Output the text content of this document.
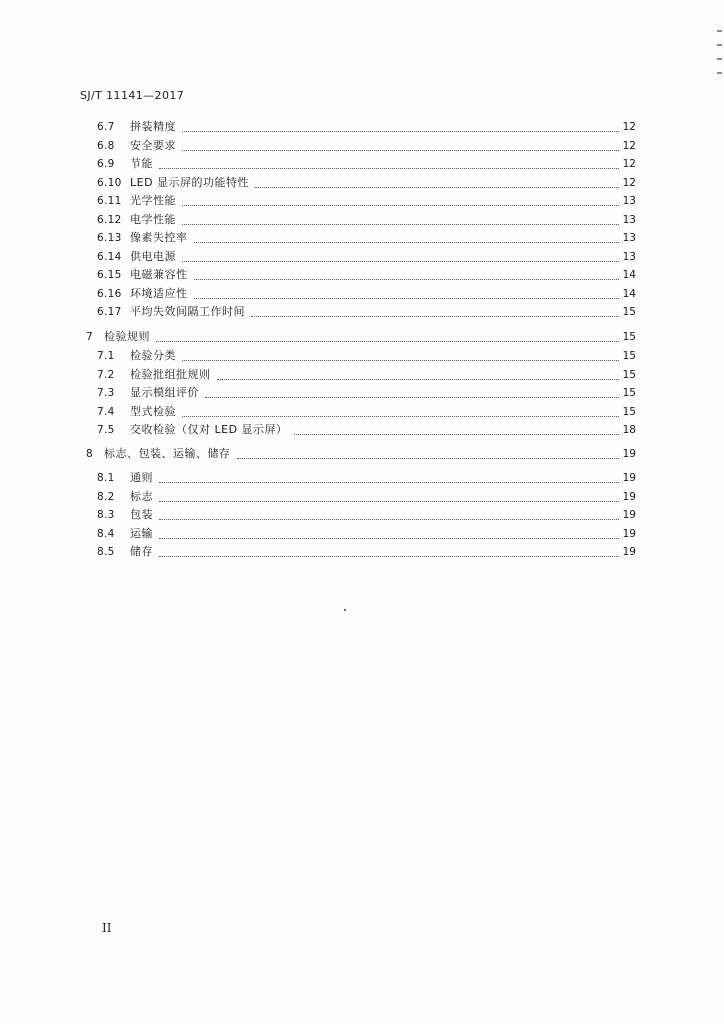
SJ/T 11141—2017
6.7	拼装精度	12
6.8	安全要求	12
6.9	节能	12
6.10 LED 显示屏的功能特性	12
6.11 光学性能	13
6.12 电学性能	13
6.13 像素失控率	13
6.14 供电电源	13
6.15 电磁兼容性	14
6.16 环境适应性	14
6.17 平均失效间隔工作时间	15
7	检验规则	15
7.1	检验分类	15
7.2	检验批组批规则	15
7.3	显示模组评价	15
7.4	型式检验	15
7.5	交收检验（仅对 LED 显示屏）	18
8	标志、包装、运输、储存	19
8.1	通则	19
8.2	标志	19
8.3	包装	19
8.4	运输	19
8.5	储存	19
II
